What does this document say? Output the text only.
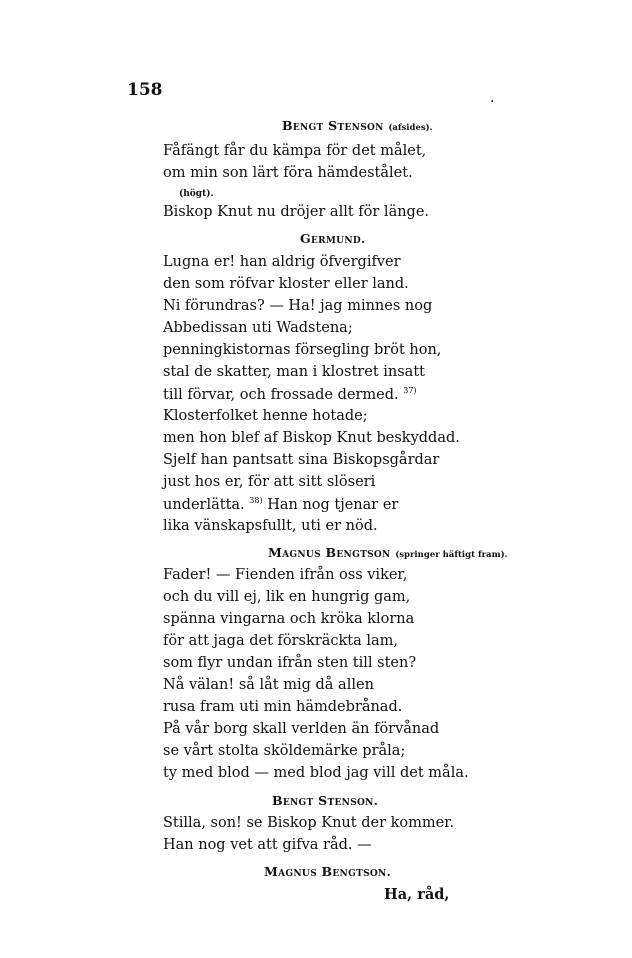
158	.
Bengt Stenson (afsides).
Fåfängt får du kämpa för det målet,
om min son lärt föra hämdestålet.
(högt).
Biskop Knut nu dröjer allt för länge.
Germund.
Lugna er! han aldrig öfvergifver
den som röfvar kloster eller land.
Ni förundras? — Ha! jag minnes nog
Abbedissan uti Wadstena;
penningkistornas försegling bröt hon,
stal de skatter, man i klostret insatt
till förvar, och frossade dermed. $^{37)}$
Klosterfolket henne hotade;
men hon blef af Biskop Knut beskyddad.
Sjelf han pantsatt sina Biskopsgårdar
just hos er, för att sitt slöseri
underlätta. $^{38)}$ Han nog tjenar er
lika vänskapsfullt, uti er nöd.
Magnus Bengtson (springer häftigt fram).
Fader! — Fienden ifrån oss viker,
och du vill ej, lik en hungrig gam,
spänna vingarna och kröka klorna
för att jaga det förskräckta lam,
som flyr undan ifrån sten till sten?
Nå välan! så låt mig då allen
rusa fram uti min hämdebrånad.
På vår borg skall verlden än förvånad
se vårt stolta sköldemärke pråla;
ty med blod — med blod jag vill det måla.
Bengt Stenson.
Stilla, son! se Biskop Knut der kommer.
Han nog vet att gifva råd. —
Magnus Bengtson.
Ha, råd,
